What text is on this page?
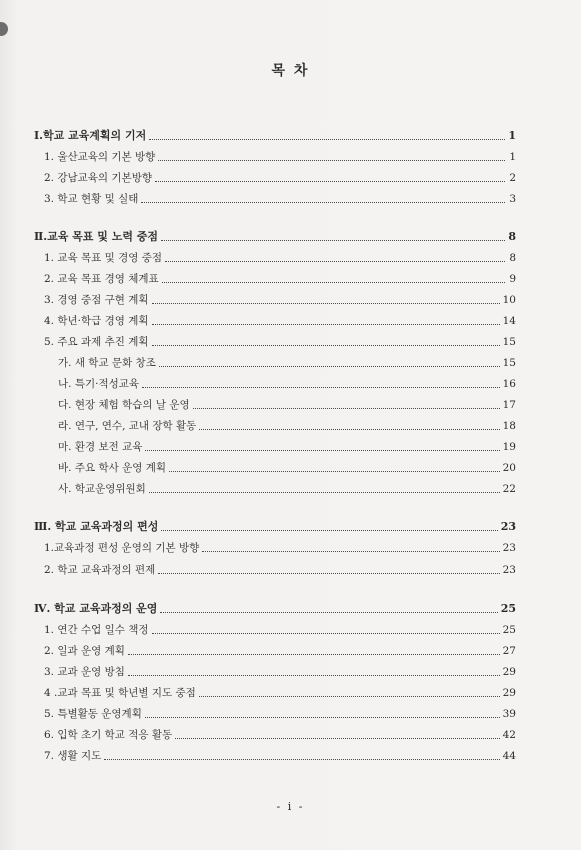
목 차
Ⅰ.학교 교육계획의 기저	1
1. 울산교육의 기본 방향	1
2. 강남교육의 기본방향	2
3. 학교 현황 및 실태	3
Ⅱ.교육 목표 및 노력 중점	8
1. 교육 목표 및 경영 중점	8
2. 교육 목표 경영 체계표	9
3. 경영 중점 구현 계획	10
4. 학년·학급 경영 계획	14
5. 주요 과제 추진 계획	15
가. 새 학교 문화 창조	15
나. 특기·적성교육	16
다. 현장 체험 학습의 날 운영	17
라. 연구, 연수, 교내 장학 활동	18
마. 환경 보전 교육	19
바. 주요 학사 운영 계획	20
사. 학교운영위원회	22
Ⅲ. 학교 교육과정의 편성	23
1.교육과정 편성 운영의 기본 방향	23
2. 학교 교육과정의 편제	23
Ⅳ. 학교 교육과정의 운영	25
1. 연간 수업 일수 책정	25
2. 일과 운영 계획	27
3. 교과 운영 방침	29
4 .교과 목표 및 학년별 지도 중점	29
5. 특별활동 운영계획	39
6. 입학 초기 학교 적응 활동	42
7. 생활 지도	44
- i -
